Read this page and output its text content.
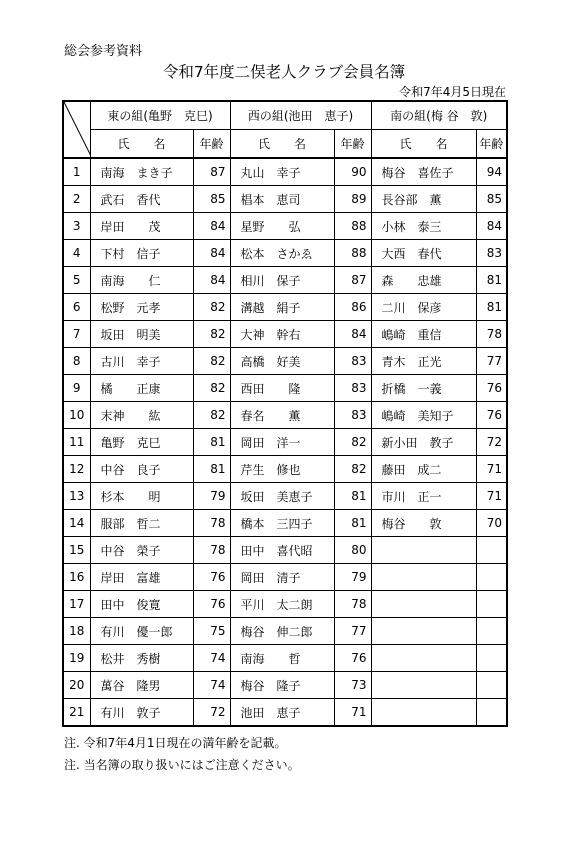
総会参考資料
令和7年度二俣老人クラブ会員名簿
令和7年4月5日現在
	東の組(亀野　克巳)		西の組(池田　恵子)		南の組(梅 谷　敦)	
	氏　　名	年齢	氏　　名	年齢	氏　　名	年齢
1	南海　まき子	87	丸山　幸子	90	梅谷　喜佐子	94
2	武石　香代	85	椙本　恵司	89	長谷部　薫	85
3	岸田　　茂	84	星野　　弘	88	小林　泰三	84
4	下村　信子	84	松本　さかゑ	88	大西　春代	83
5	南海　　仁	84	相川　保子	87	森　　忠雄	81
6	松野　元孝	82	溝越　絹子	86	二川　保彦	81
7	坂田　明美	82	大神　幹右	84	嶋崎　重信	78
8	古川　幸子	82	高橋　好美	83	青木　正光	77
9	橘　　正康	82	西田　　隆	83	折橋　一義	76
10	末神　　紘	82	春名　　薫	83	嶋崎　美知子	76
11	亀野　克巳	81	岡田　洋一	82	新小田　教子	72
12	中谷　良子	81	芹生　修也	82	藤田　成二	71
13	杉本　　明	79	坂田　美恵子	81	市川　正一	71
14	服部　哲二	78	橋本　三四子	81	梅谷　　敦	70
15	中谷　榮子	78	田中　喜代昭	80		
16	岸田　富雄	76	岡田　清子	79		
17	田中　俊寛	76	平川　太二朗	78		
18	有川　優一郎	75	梅谷　伸二郎	77		
19	松井　秀樹	74	南海　　哲	76		
20	萬谷　隆男	74	梅谷　隆子	73		
21	有川　敦子	72	池田　恵子	71		
注. 令和7年4月1日現在の満年齢を記載。
注. 当名簿の取り扱いにはご注意ください。
